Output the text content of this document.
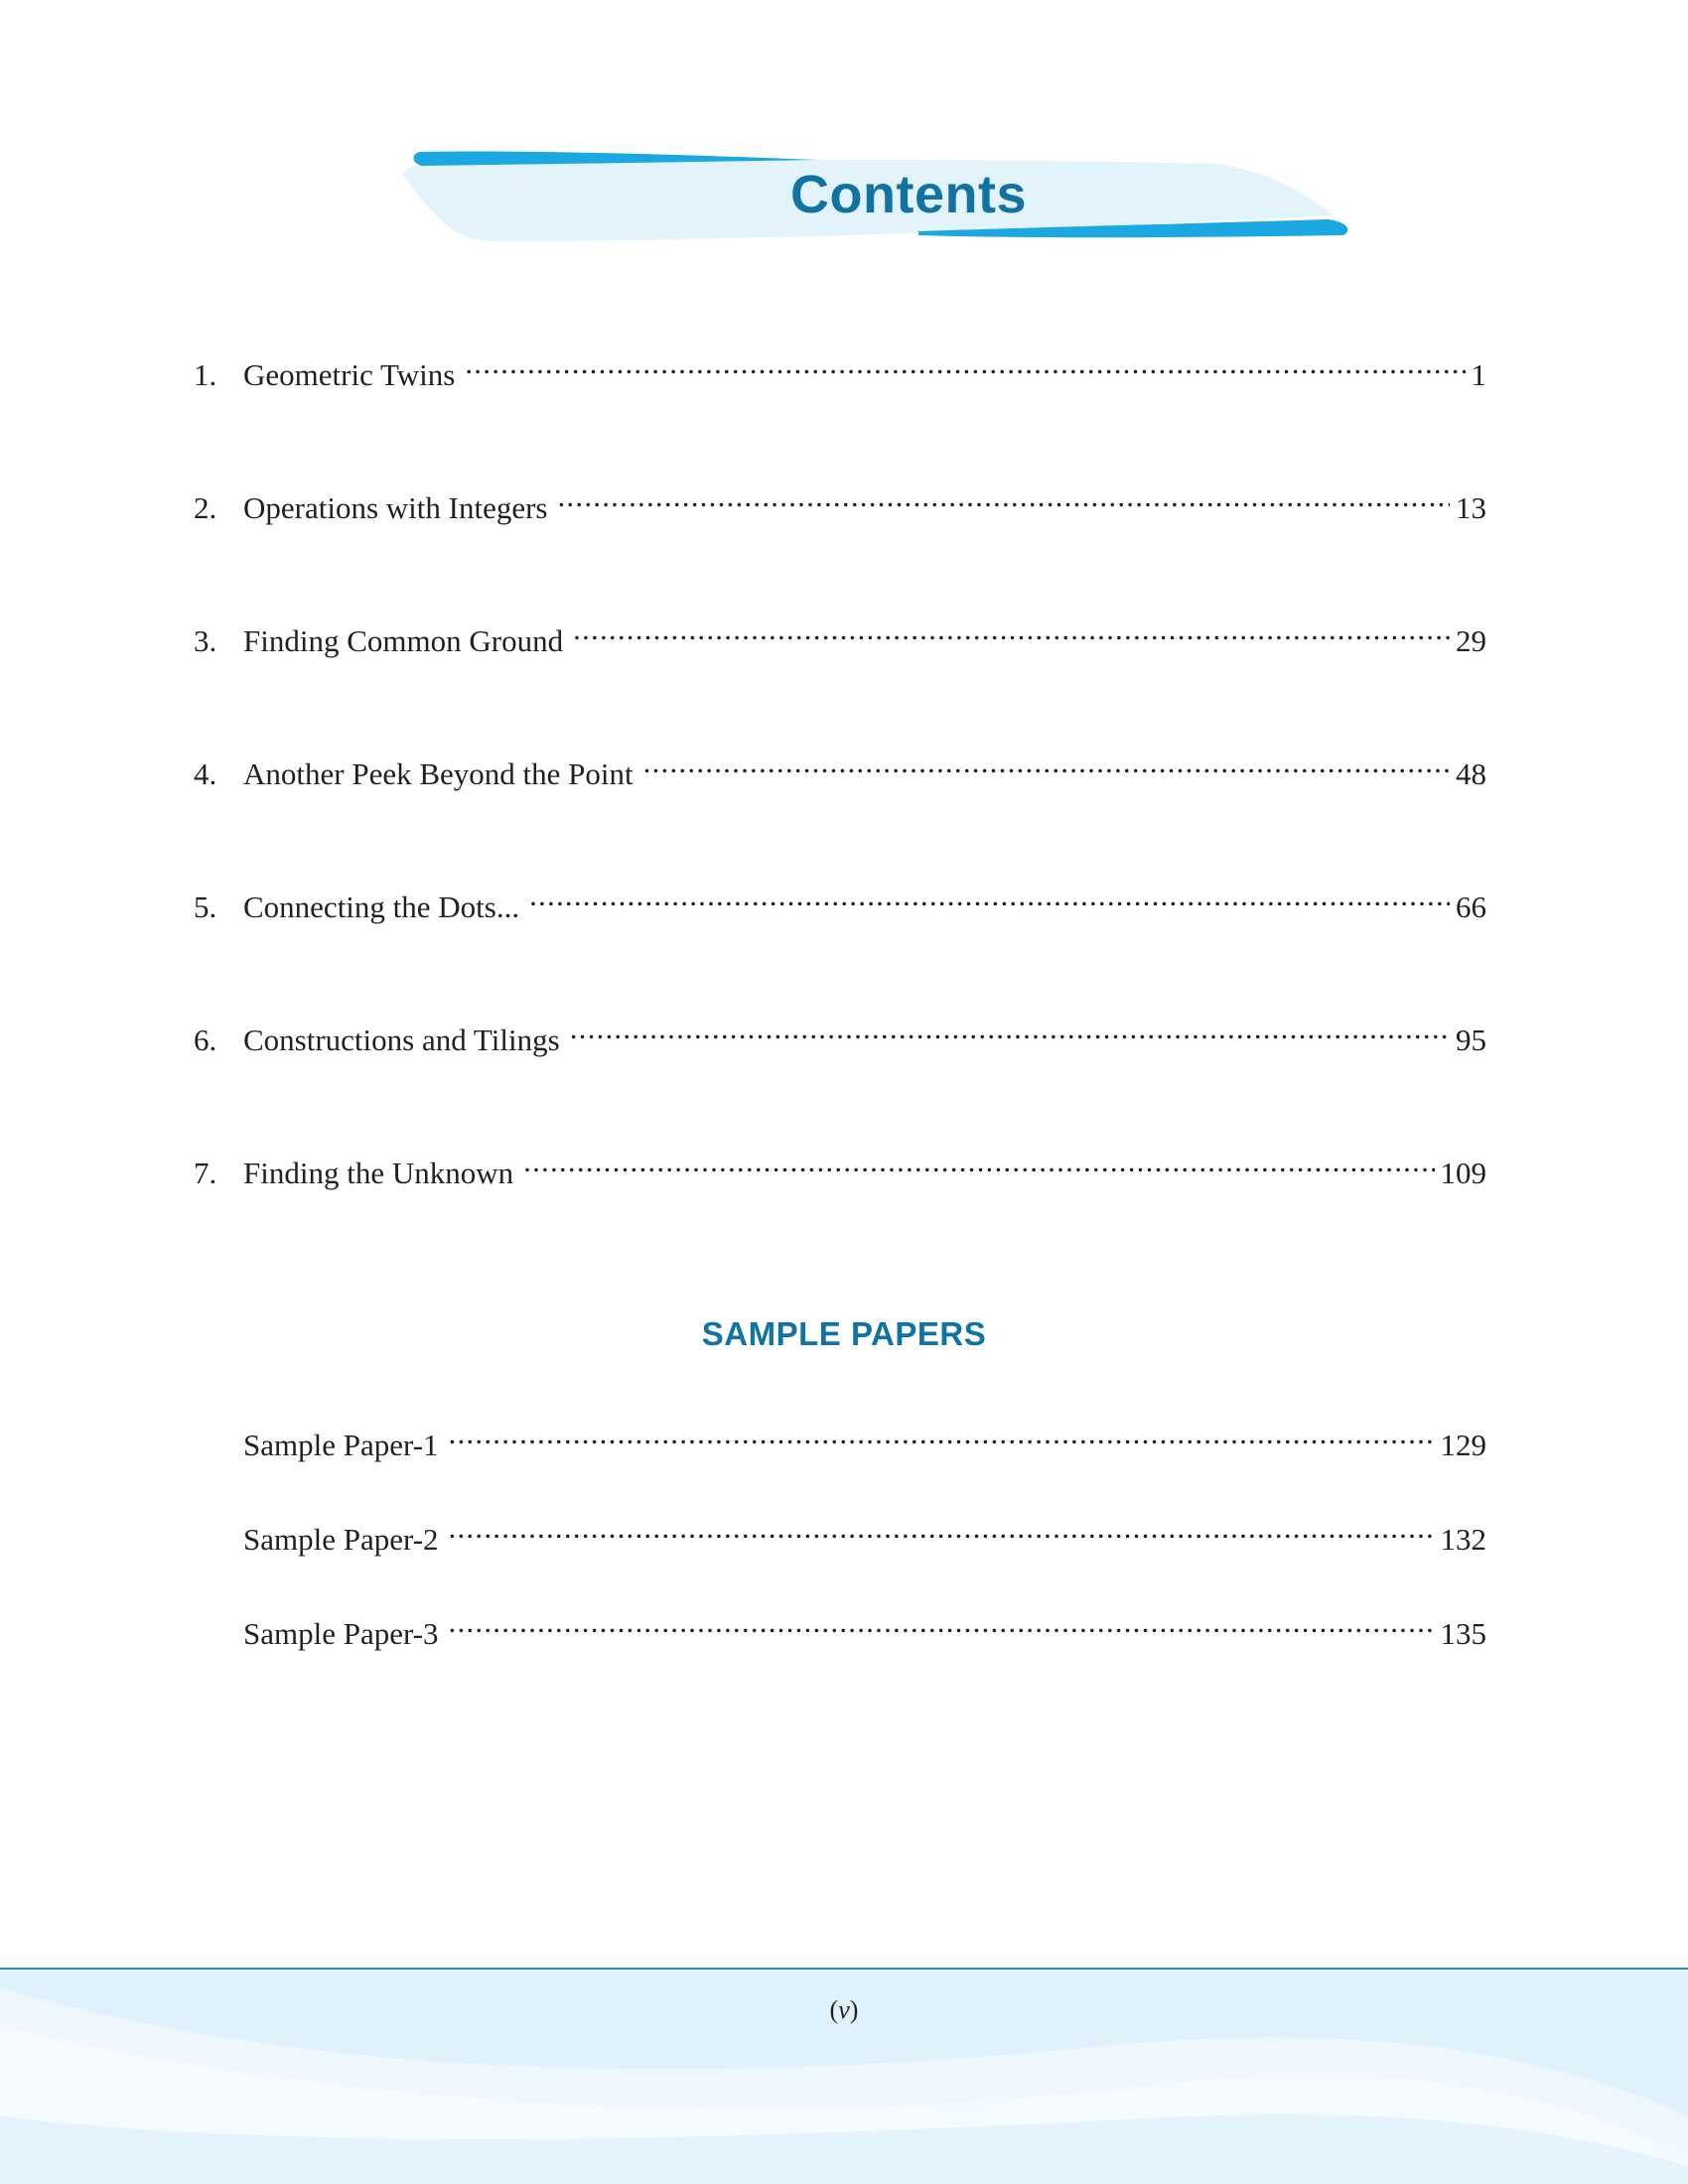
Contents
1. Geometric Twins .....	1
2. Operations with Integers .....	13
3. Finding Common Ground .....	29
4. Another Peek Beyond the Point .....	48
5. Connecting the Dots... .....	66
6. Constructions and Tilings .....	95
7. Finding the Unknown .....	109
SAMPLE PAPERS
Sample Paper-1 .....	129
Sample Paper-2 .....	132
Sample Paper-3 .....	135
(v)
